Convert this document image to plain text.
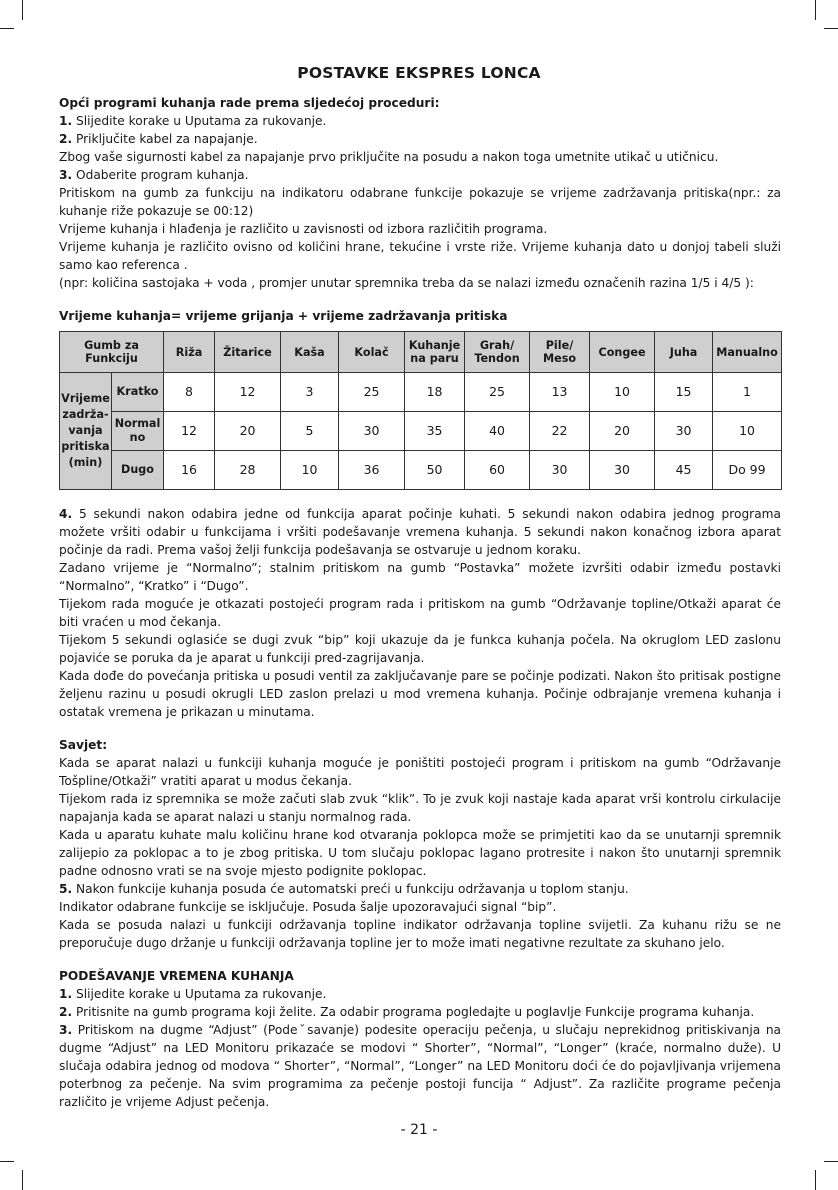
POSTAVKE EKSPRES LONCA

Opći programi kuhanja rade prema sljedećoj proceduri:

1. Slijedite korake u Uputama za rukovanje.

2. Priključite kabel za napajanje.

Zbog vaše sigurnosti kabel za napajanje prvo priključite na posudu a nakon toga umetnite utikač u utičnicu.

3. Odaberite program kuhanja.

Pritiskom na gumb za funkciju na indikatoru odabrane funkcije pokazuje se vrijeme zadržavanja pritiska(npr.: za kuhanje riže pokazuje se 00:12)

Vrijeme kuhanja i hlađenja je različito u zavisnosti od izbora različitih programa.

Vrijeme kuhanja je različito ovisno od količini hrane, tekućine i vrste riže. Vrijeme kuhanja dato u donjoj tabeli služi samo kao referenca .

(npr: količina sastojaka + voda , promjer unutar spremnika treba da se nalazi između označenih razina 1/5 i 4/5 ):

Vrijeme kuhanja= vrijeme grijanja + vrijeme zadržavanja pritiska

Gumb za Funkciju		Riža	Žitarice	Kaša	Kolač	Kuhanje na paru	Grah/ Tendon	Pile/ Meso	Congee	Juha	Manualno
Vrijeme zadrža-vanja pritiska (min)	Kratko	8	12	3	25	18	25	13	10	15	1
	Normal no	12	20	5	30	35	40	22	20	30	10
	Dugo	16	28	10	36	50	60	30	30	45	Do 99

4. 5 sekundi nakon odabira jedne od funkcija aparat počinje kuhati. 5 sekundi nakon odabira jednog programa možete vršiti odabir u funkcijama i vršiti podešavanje vremena kuhanja. 5 sekundi nakon konačnog izbora aparat počinje da radi. Prema vašoj želji funkcija podešavanja se ostvaruje u jednom koraku.

Zadano vrijeme je “Normalno”; stalnim pritiskom na gumb “Postavka” možete izvršiti odabir između postavki “Normalno”, “Kratko” i “Dugo”.

Tijekom rada moguće je otkazati postojeći program rada i pritiskom na gumb “Održavanje topline/Otkaži aparat će biti vraćen u mod čekanja.

Tijekom 5 sekundi oglasiće se dugi zvuk “bip” koji ukazuje da je funkca kuhanja počela. Na okruglom LED zaslonu pojaviće se poruka da je aparat u funkciji pred-zagrijavanja.

Kada dođe do povećanja pritiska u posudi ventil za zaključavanje pare se počinje podizati. Nakon što pritisak postigne željenu razinu u posudi okrugli LED zaslon prelazi u mod vremena kuhanja. Počinje odbrajanje vremena kuhanja i ostatak vremena je prikazan u minutama.

Savjet:

Kada se aparat nalazi u funkciji kuhanja moguće je poništiti postojeći program i pritiskom na gumb “Održavanje Tošpline/Otkaži” vratiti aparat u modus čekanja.

Tijekom rada iz spremnika se može začuti slab zvuk “klik”. To je zvuk koji nastaje kada aparat vrši kontrolu cirkulacije napajanja kada se aparat nalazi u stanju normalnog rada.

Kada u aparatu kuhate malu količinu hrane kod otvaranja poklopca može se primjetiti kao da se unutarnji spremnik zalijepio za poklopac a to je zbog pritiska. U tom slučaju poklopac lagano protresite i nakon što unutarnji spremnik padne odnosno vrati se na svoje mjesto podignite poklopac.

5. Nakon funkcije kuhanja posuda će automatski preći u funkciju održavanja u toplom stanju.

Indikator odabrane funkcije se isključuje. Posuda šalje upozoravajući signal “bip”.

Kada se posuda nalazi u funkciji održavanja topline indikator održavanja topline svijetli. Za kuhanu rižu se ne preporučuje dugo držanje u funkciji održavanja topline jer to može imati negativne rezultate za skuhano jelo.

PODEŠAVANJE VREMENA KUHANJA

1. Slijedite korake u Uputama za rukovanje.

2. Pritisnite na gumb programa koji želite. Za odabir programa pogledajte u poglavlje Funkcije programa kuhanja.

3. Pritiskom na dugme “Adjust” (Podeˇsavanje) podesite operaciju pečenja, u slučaju neprekidnog pritiskivanja na dugme “Adjust” na LED Monitoru prikazaće se modovi “ Shorter”, “Normal”, “Longer” (kraće, normalno duže). U slučaja odabira jednog od modova “ Shorter”, “Normal”, “Longer” na LED Monitoru doći će do pojavljivanja vrijemena poterbnog za pečenje. Na svim programima za pečenje postoji funcija “ Adjust”. Za različite programe pečenja različito je vrijeme Adjust pečenja.

- 21 -
